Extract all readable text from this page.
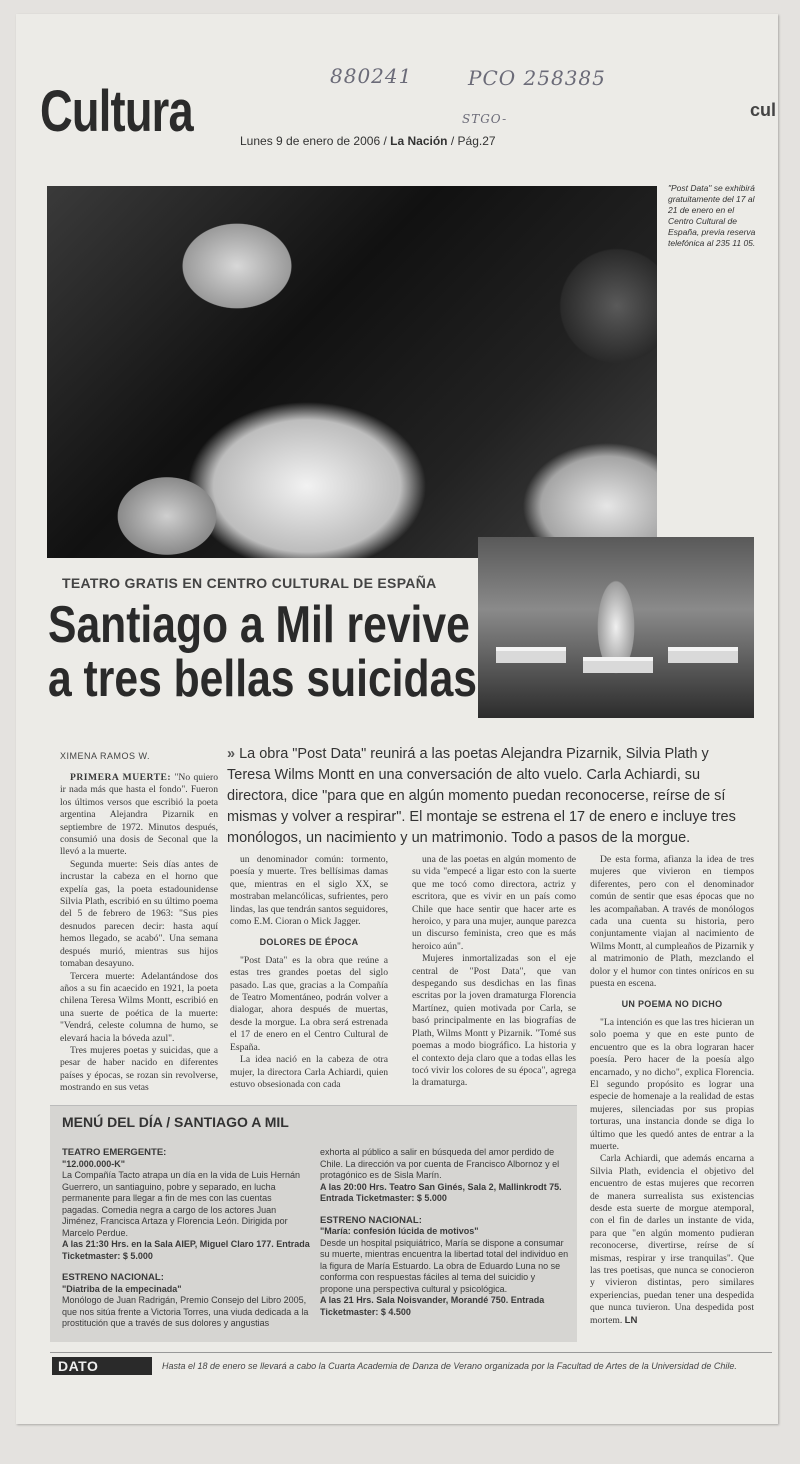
880241	PCO 258385
STGO-
Cultura	cul
Lunes 9 de enero de 2006 / La Nación / Pág.27
"Post Data" se exhibirá gratuitamente del 17 al 21 de enero en el Centro Cultural de España, previa reserva telefónica al 235 11 05.
TEATRO GRATIS EN CENTRO CULTURAL DE ESPAÑA
Santiago a Mil revive
a tres bellas suicidas
XIMENA RAMOS W.	» La obra "Post Data" reunirá a las poetas Alejandra Pizarnik, Silvia Plath y Teresa Wilms Montt en una conversación de alto vuelo. Carla Achiardi, su directora, dice "para que en algún momento puedan reconocerse, reírse de sí mismas y volver a respirar". El montaje se estrena el 17 de enero e incluye tres monólogos, un nacimiento y un matrimonio. Todo a pasos de la morgue.

PRIMERA MUERTE: "No quiero ir nada más que hasta el fondo". Fueron los últimos versos que escribió la poeta argentina Alejandra Pizarnik en septiembre de 1972. Minutos después, consumió una dosis de Seconal que la llevó a la muerte.

Segunda muerte: Seis días antes de incrustar la cabeza en el horno que expelía gas, la poeta estadounidense Silvia Plath, escribió en su último poema del 5 de febrero de 1963: "Sus pies desnudos parecen decir: hasta aquí hemos llegado, se acabó". Una semana después murió, mientras sus hijos tomaban desayuno.

Tercera muerte: Adelantándose dos años a su fin acaecido en 1921, la poeta chilena Teresa Wilms Montt, escribió en una suerte de poética de la muerte: "Vendrá, celeste columna de humo, se elevará hacia la bóveda azul".

Tres mujeres poetas y suicidas, que a pesar de haber nacido en diferentes países y épocas, se rozan sin revolverse, mostrando en sus vetas

un denominador común: tormento, poesía y muerte. Tres bellísimas damas que, mientras en el siglo XX, se mostraban melancólicas, sufrientes, pero lindas, las que tendrán santos seguidores, como E.M. Cioran o Mick Jagger.

DOLORES DE ÉPOCA

"Post Data" es la obra que reúne a estas tres grandes poetas del siglo pasado. Las que, gracias a la Compañía de Teatro Momentáneo, podrán volver a dialogar, ahora después de muertas, desde la morgue. La obra será estrenada el 17 de enero en el Centro Cultural de España.

La idea nació en la cabeza de otra mujer, la directora Carla Achiardi, quien estuvo obsesionada con cada

una de las poetas en algún momento de su vida "empecé a ligar esto con la suerte que me tocó como directora, actriz y escritora, que es vivir en un país como Chile que hace sentir que hacer arte es heroico, y para una mujer, aunque parezca un discurso feminista, creo que es más heroico aún".

Mujeres inmortalizadas son el eje central de "Post Data", que van despegando sus desdichas en las finas escritas por la joven dramaturga Florencia Martínez, quien motivada por Carla, se basó principalmente en las biografías de Plath, Wilms Montt y Pizarnik. "Tomé sus poemas a modo biográfico. La historia y el contexto deja claro que a todas ellas les tocó vivir los colores de su época", agrega la dramaturga.

De esta forma, afianza la idea de tres mujeres que vivieron en tiempos diferentes, pero con el denominador común de sentir que esas épocas que no les acompañaban. A través de monólogos cada una cuenta su historia, pero conjuntamente viajan al nacimiento de Wilms Montt, al cumpleaños de Pizarnik y al matrimonio de Plath, mezclando el dolor y el humor con tintes oníricos en su puesta en escena.

UN POEMA NO DICHO

"La intención es que las tres hicieran un solo poema y que en este punto de encuentro que es la obra lograran hacer poesía. Pero hacer de la poesía algo encarnado, y no dicho", explica Florencia. El segundo propósito es lograr una especie de homenaje a la realidad de estas mujeres, silenciadas por sus propias torturas, una instancia donde se diga lo último que les quedó antes de entrar a la muerte.

Carla Achiardi, que además encarna a Silvia Plath, evidencia el objetivo del encuentro de estas mujeres que recorren de manera surrealista sus existencias desde esta suerte de morgue atemporal, con el fin de darles un instante de vida, para que "en algún momento pudieran reconocerse, divertirse, reírse de sí mismas, respirar y irse tranquilas". Que las tres poetisas, que nunca se conocieron y vivieron distintas, pero similares experiencias, puedan tener una despedida que nunca tuvieron. Una despedida post mortem. LN

MENÚ DEL DÍA / SANTIAGO A MIL
TEATRO EMERGENTE:
"12.000.000-K"
La Compañía Tacto atrapa un día en la vida de Luis Hernán Guerrero, un santiaguino, pobre y separado, en lucha permanente para llegar a fin de mes con las cuentas pagadas. Comedia negra a cargo de los actores Juan Jiménez, Francisca Artaza y Florencia León. Dirigida por Marcelo Perdue.
A las 21:30 Hrs. en la Sala AIEP, Miguel Claro 177. Entrada Ticketmaster: $ 5.000
ESTRENO NACIONAL:
"Diatriba de la empecinada"
Monólogo de Juan Radrigán, Premio Consejo del Libro 2005, que nos sitúa frente a Victoria Torres, una viuda dedicada a la prostitución que a través de sus dolores y angustias
exhorta al público a salir en búsqueda del amor perdido de Chile. La dirección va por cuenta de Francisco Albornoz y el protagónico es de Sisla Marín.
A las 20:00 Hrs. Teatro San Ginés, Sala 2, Mallinkrodt 75. Entrada Ticketmaster: $ 5.000
ESTRENO NACIONAL:
"María: confesión lúcida de motivos"
Desde un hospital psiquiátrico, María se dispone a consumar su muerte, mientras encuentra la libertad total del individuo en la figura de María Estuardo. La obra de Eduardo Luna no se conforma con respuestas fáciles al tema del suicidio y propone una perspectiva cultural y psicológica.
A las 21 Hrs. Sala Noisvander, Morandé 750. Entrada Ticketmaster: $ 4.500
DATO	Hasta el 18 de enero se llevará a cabo la Cuarta Academia de Danza de Verano organizada por la Facultad de Artes de la Universidad de Chile.
